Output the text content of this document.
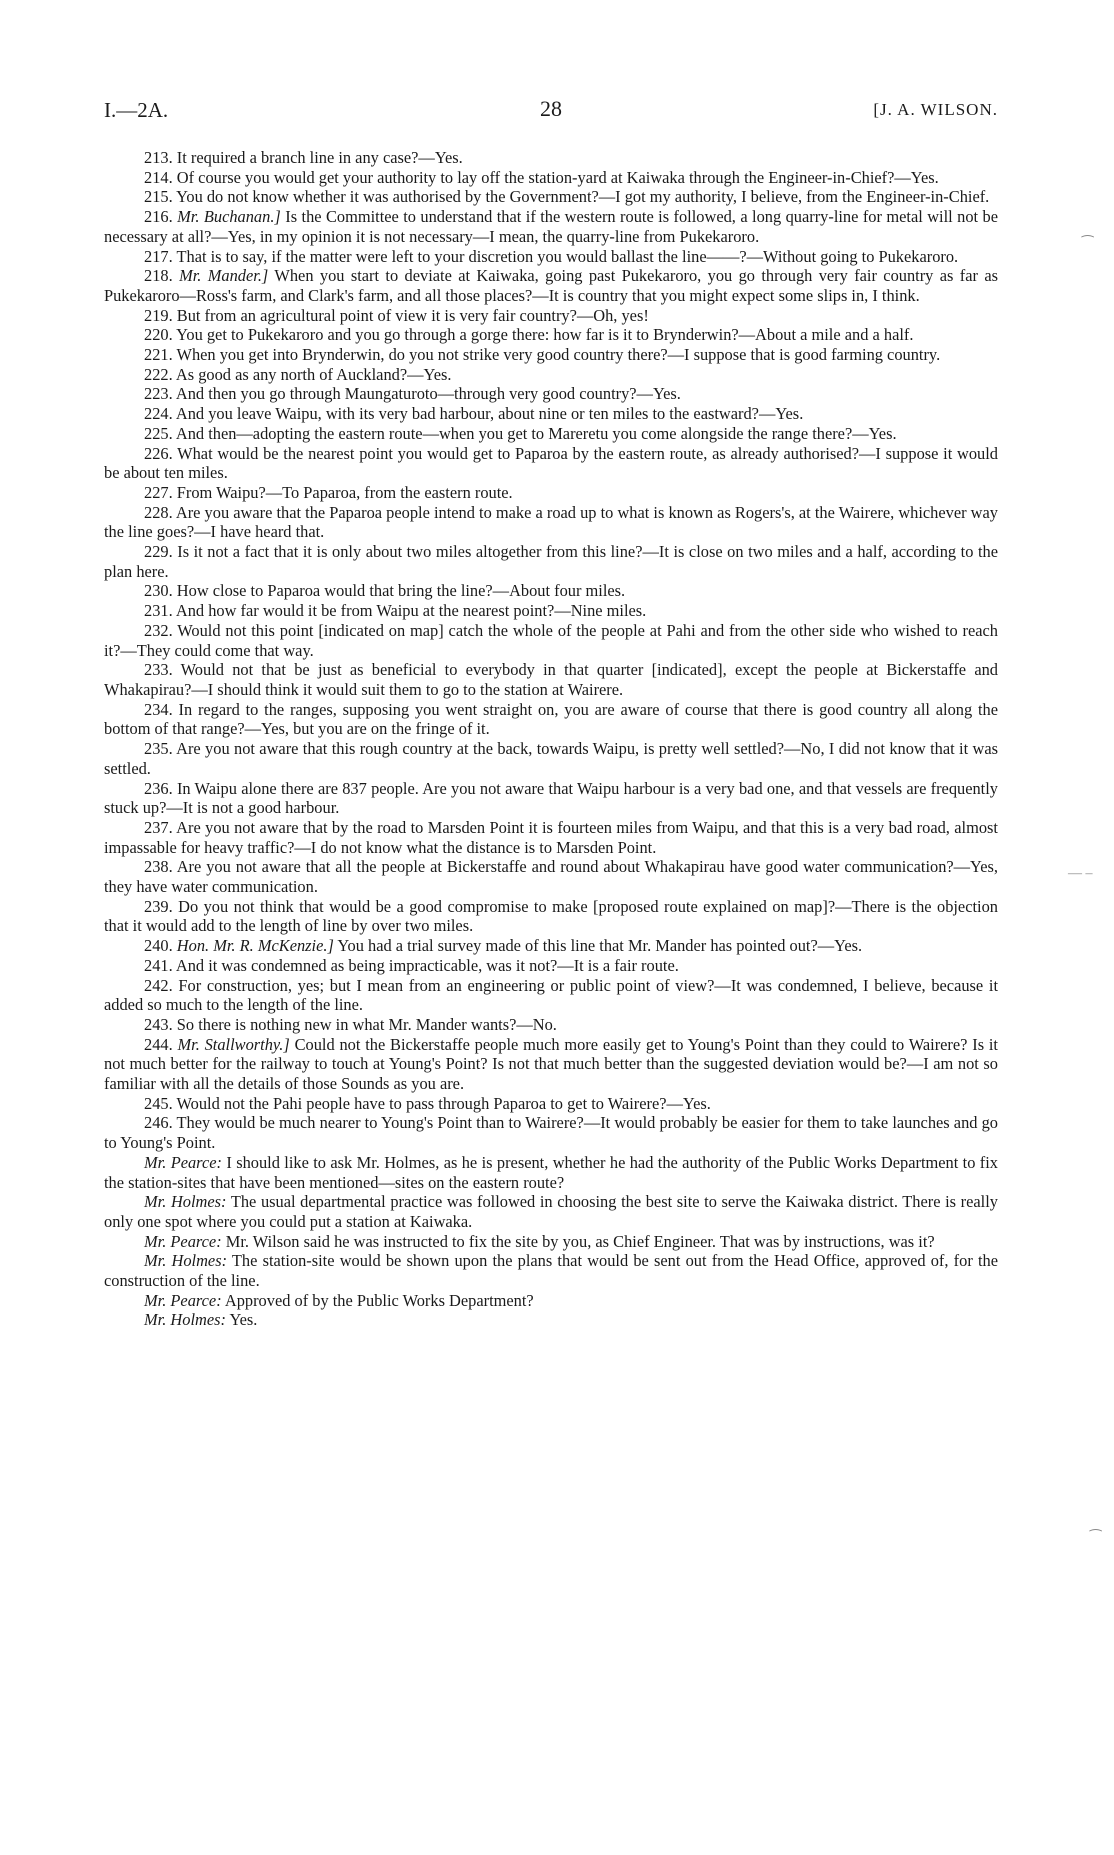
I.—2A.	28	[J. A. WILSON.

213. It required a branch line in any case?—Yes.

214. Of course you would get your authority to lay off the station-yard at Kaiwaka through the Engineer-in-Chief?—Yes.

215. You do not know whether it was authorised by the Government?—I got my authority, I believe, from the Engineer-in-Chief.

216. Mr. Buchanan.] Is the Committee to understand that if the western route is followed, a long quarry-line for metal will not be necessary at all?—Yes, in my opinion it is not necessary—I mean, the quarry-line from Pukekaroro.

217. That is to say, if the matter were left to your discretion you would ballast the line——?—Without going to Pukekaroro.

218. Mr. Mander.] When you start to deviate at Kaiwaka, going past Pukekaroro, you go through very fair country as far as Pukekaroro—Ross's farm, and Clark's farm, and all those places?—It is country that you might expect some slips in, I think.

219. But from an agricultural point of view it is very fair country?—Oh, yes!

220. You get to Pukekaroro and you go through a gorge there: how far is it to Brynderwin?—About a mile and a half.

221. When you get into Brynderwin, do you not strike very good country there?—I suppose that is good farming country.

222. As good as any north of Auckland?—Yes.

223. And then you go through Maungaturoto—through very good country?—Yes.

224. And you leave Waipu, with its very bad harbour, about nine or ten miles to the eastward?—Yes.

225. And then—adopting the eastern route—when you get to Mareretu you come alongside the range there?—Yes.

226. What would be the nearest point you would get to Paparoa by the eastern route, as already authorised?—I suppose it would be about ten miles.

227. From Waipu?—To Paparoa, from the eastern route.

228. Are you aware that the Paparoa people intend to make a road up to what is known as Rogers's, at the Wairere, whichever way the line goes?—I have heard that.

229. Is it not a fact that it is only about two miles altogether from this line?—It is close on two miles and a half, according to the plan here.

230. How close to Paparoa would that bring the line?—About four miles.

231. And how far would it be from Waipu at the nearest point?—Nine miles.

232. Would not this point [indicated on map] catch the whole of the people at Pahi and from the other side who wished to reach it?—They could come that way.

233. Would not that be just as beneficial to everybody in that quarter [indicated], except the people at Bickerstaffe and Whakapirau?—I should think it would suit them to go to the station at Wairere.

234. In regard to the ranges, supposing you went straight on, you are aware of course that there is good country all along the bottom of that range?—Yes, but you are on the fringe of it.

235. Are you not aware that this rough country at the back, towards Waipu, is pretty well settled?—No, I did not know that it was settled.

236. In Waipu alone there are 837 people. Are you not aware that Waipu harbour is a very bad one, and that vessels are frequently stuck up?—It is not a good harbour.

237. Are you not aware that by the road to Marsden Point it is fourteen miles from Waipu, and that this is a very bad road, almost impassable for heavy traffic?—I do not know what the distance is to Marsden Point.

238. Are you not aware that all the people at Bickerstaffe and round about Whakapirau have good water communication?—Yes, they have water communication.

239. Do you not think that would be a good compromise to make [proposed route explained on map]?—There is the objection that it would add to the length of line by over two miles.

240. Hon. Mr. R. McKenzie.] You had a trial survey made of this line that Mr. Mander has pointed out?—Yes.

241. And it was condemned as being impracticable, was it not?—It is a fair route.

242. For construction, yes; but I mean from an engineering or public point of view?—It was condemned, I believe, because it added so much to the length of the line.

243. So there is nothing new in what Mr. Mander wants?—No.

244. Mr. Stallworthy.] Could not the Bickerstaffe people much more easily get to Young's Point than they could to Wairere? Is it not much better for the railway to touch at Young's Point? Is not that much better than the suggested deviation would be?—I am not so familiar with all the details of those Sounds as you are.

245. Would not the Pahi people have to pass through Paparoa to get to Wairere?—Yes.

246. They would be much nearer to Young's Point than to Wairere?—It would probably be easier for them to take launches and go to Young's Point.

Mr. Pearce: I should like to ask Mr. Holmes, as he is present, whether he had the authority of the Public Works Department to fix the station-sites that have been mentioned—sites on the eastern route?

Mr. Holmes: The usual departmental practice was followed in choosing the best site to serve the Kaiwaka district. There is really only one spot where you could put a station at Kaiwaka.

Mr. Pearce: Mr. Wilson said he was instructed to fix the site by you, as Chief Engineer. That was by instructions, was it?

Mr. Holmes: The station-site would be shown upon the plans that would be sent out from the Head Office, approved of, for the construction of the line.

Mr. Pearce: Approved of by the Public Works Department?

Mr. Holmes: Yes.

⁀
— ‒
⁀
